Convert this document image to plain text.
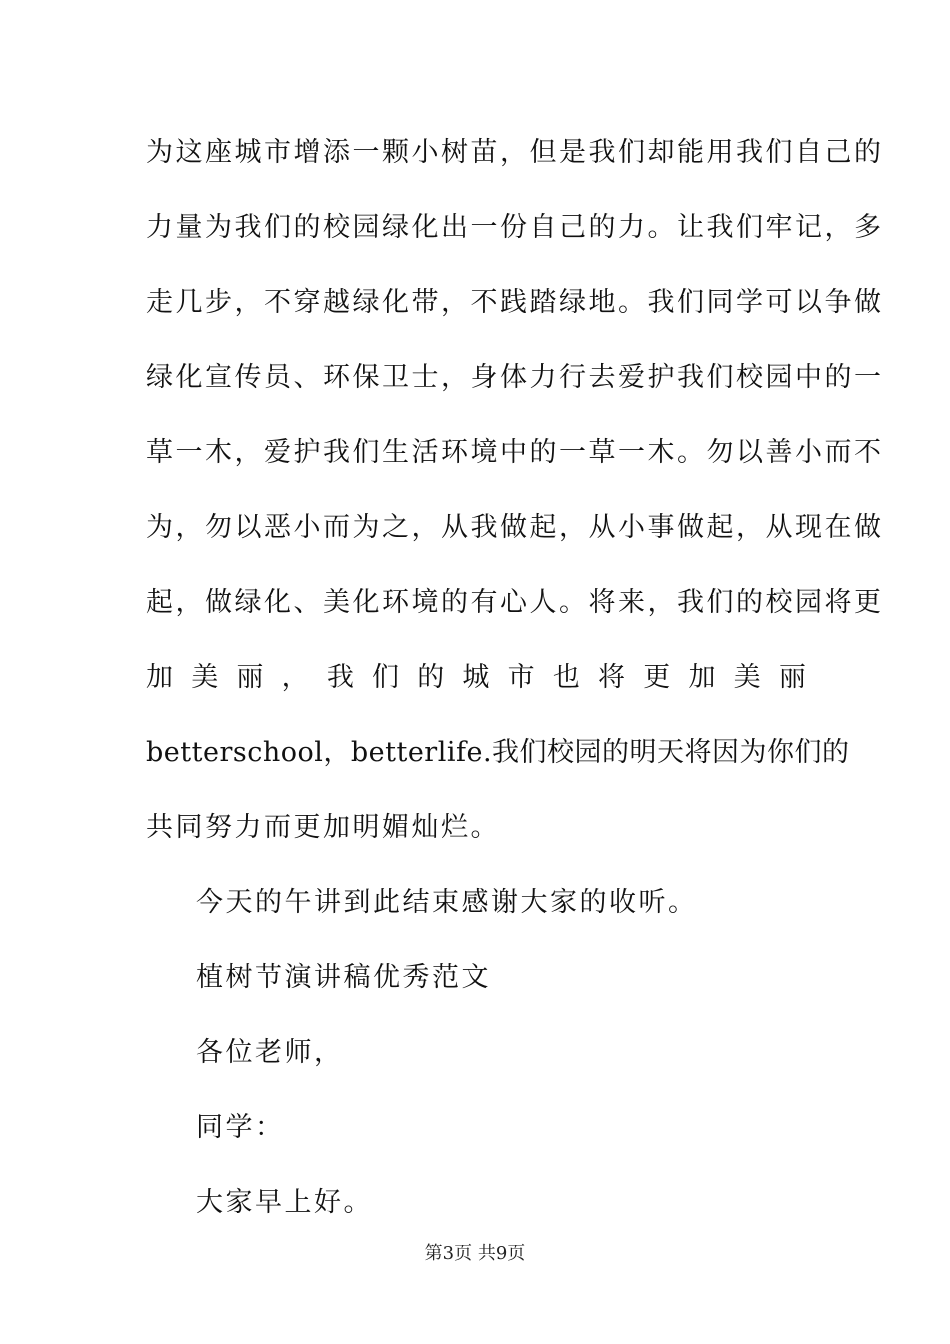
为这座城市增添一颗小树苗，但是我们却能用我们自己的
力量为我们的校园绿化出一份自己的力。让我们牢记，多
走几步，不穿越绿化带，不践踏绿地。我们同学可以争做
绿化宣传员、环保卫士，身体力行去爱护我们校园中的一
草一木，爱护我们生活环境中的一草一木。勿以善小而不
为，勿以恶小而为之，从我做起，从小事做起，从现在做
起，做绿化、美化环境的有心人。将来，我们的校园将更
加 美 丽 ， 我 们 的 城 市 也 将 更 加 美 丽
betterschool，betterlife.我们校园的明天将因为你们的
共同努力而更加明媚灿烂。
今天的午讲到此结束感谢大家的收听。
植树节演讲稿优秀范文
各位老师，
同学：
大家早上好。
第3页 共9页
